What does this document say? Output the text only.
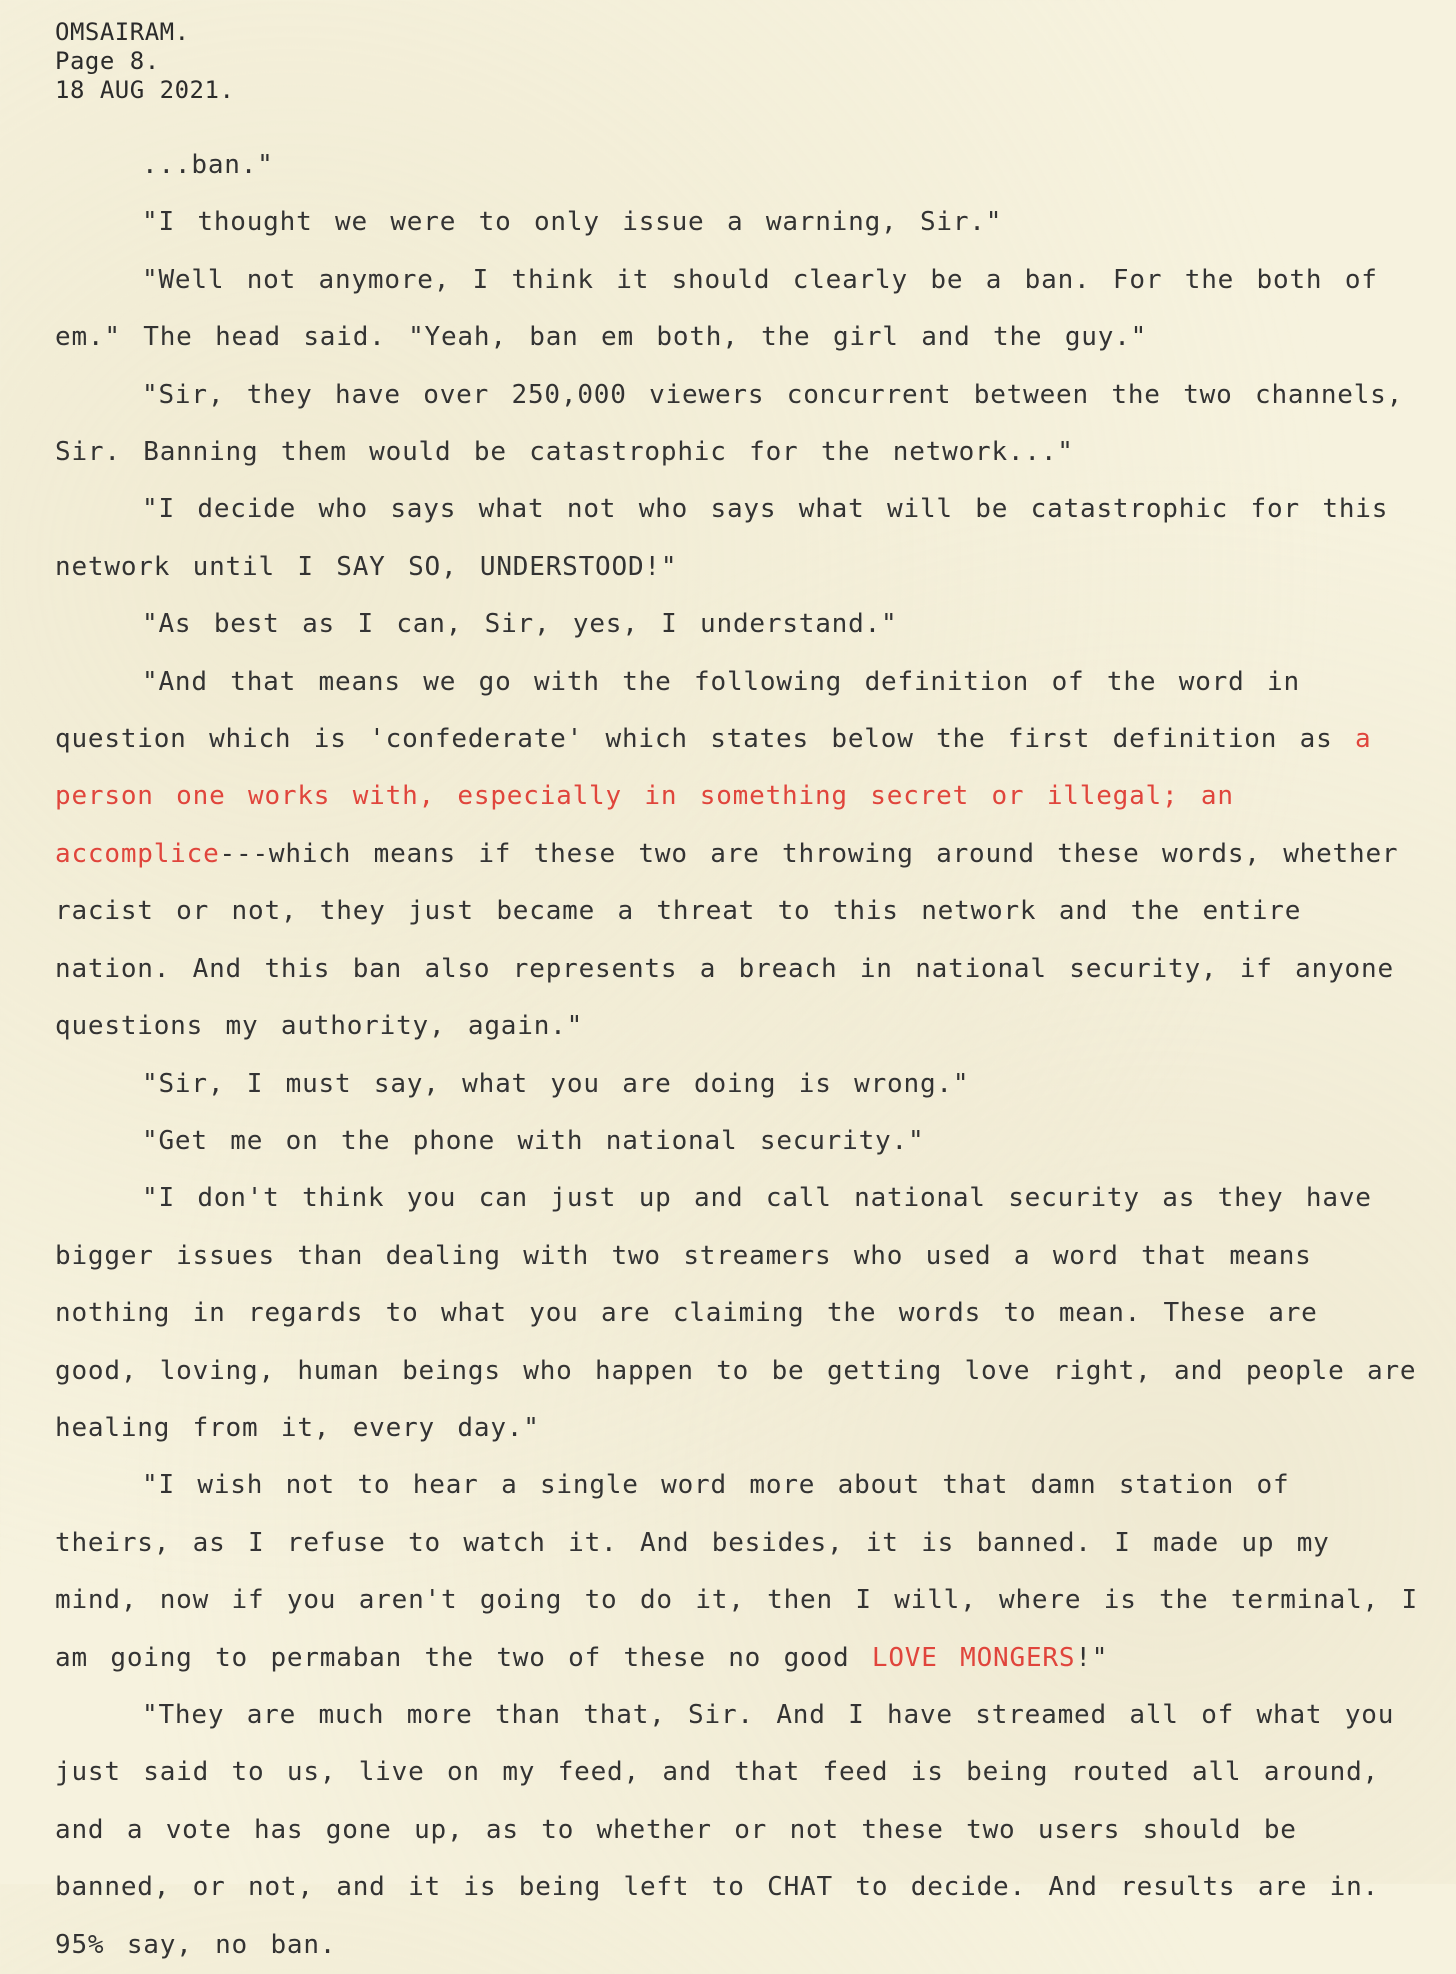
OMSAIRAM.
Page 8.
18 AUG 2021.

...ban."

"I thought we were to only issue a warning, Sir."

"Well not anymore, I think it should clearly be a ban. For the both of em." The head said. "Yeah, ban em both, the girl and the guy."

"Sir, they have over 250,000 viewers concurrent between the two channels, Sir. Banning them would be catastrophic for the network..."

"I decide who says what not who says what will be catastrophic for this network until I SAY SO, UNDERSTOOD!"

"As best as I can, Sir, yes, I understand."

"And that means we go with the following definition of the word in question which is 'confederate' which states below the first definition as a person one works with, especially in something secret or illegal; an accomplice---which means if these two are throwing around these words, whether racist or not, they just became a threat to this network and the entire nation. And this ban also represents a breach in national security, if anyone questions my authority, again."

"Sir, I must say, what you are doing is wrong."

"Get me on the phone with national security."

"I don't think you can just up and call national security as they have bigger issues than dealing with two streamers who used a word that means nothing in regards to what you are claiming the words to mean. These are good, loving, human beings who happen to be getting love right, and people are healing from it, every day."

"I wish not to hear a single word more about that damn station of theirs, as I refuse to watch it. And besides, it is banned. I made up my mind, now if you aren't going to do it, then I will, where is the terminal, I am going to permaban the two of these no good LOVE MONGERS!"

"They are much more than that, Sir. And I have streamed all of what you just said to us, live on my feed, and that feed is being routed all around, and a vote has gone up, as to whether or not these two users should be banned, or not, and it is being left to CHAT to decide. And results are in. 95% say, no ban.
